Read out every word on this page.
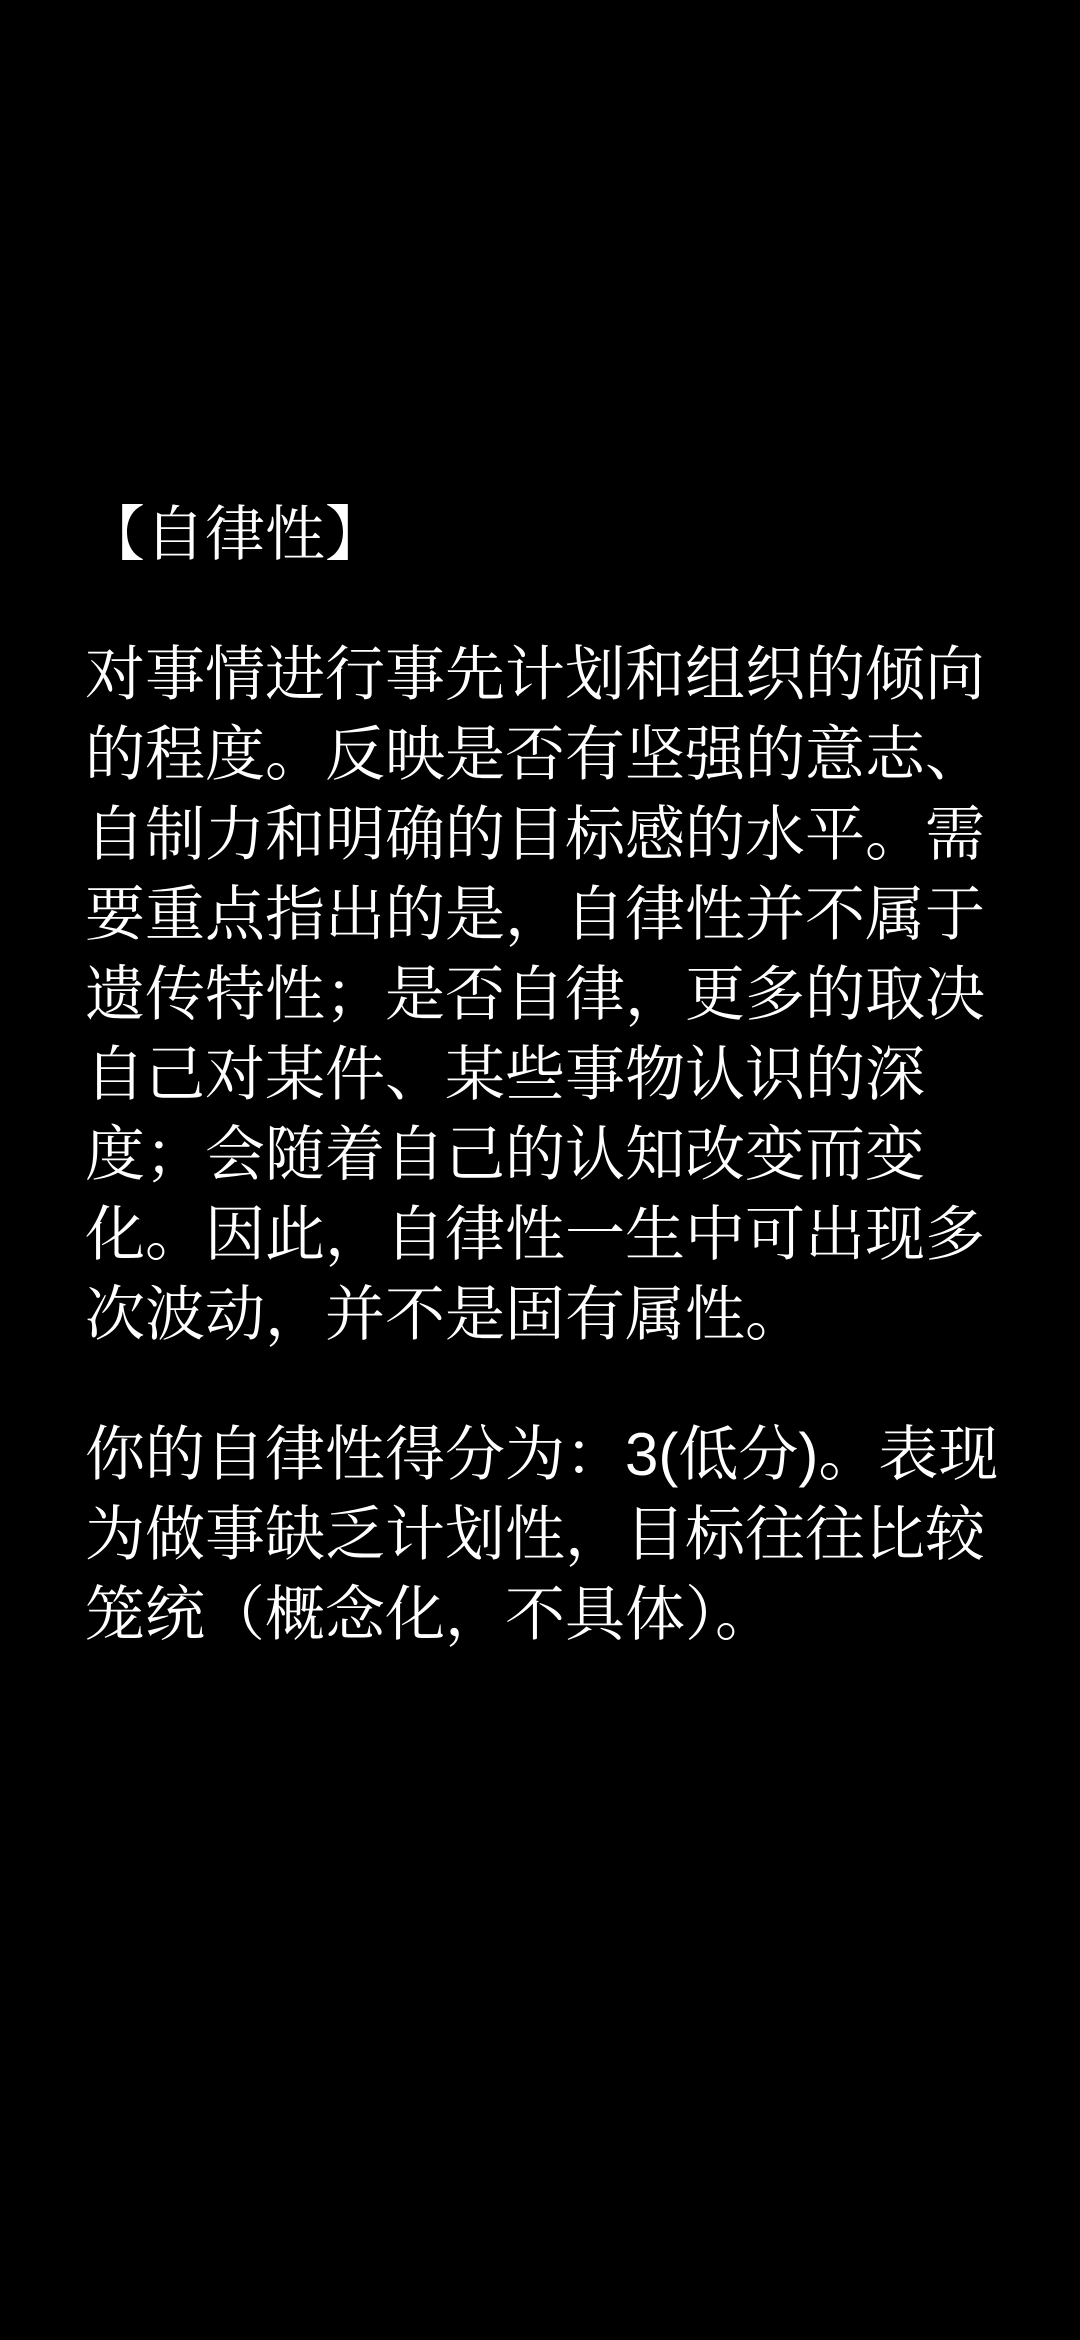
【自律性】

对事情进行事先计划和组织的倾向的程度。反映是否有坚强的意志、自制力和明确的目标感的水平。需要重点指出的是，自律性并不属于遗传特性；是否自律，更多的取决自己对某件、某些事物认识的深度；会随着自己的认知改变而变化。因此，自律性一生中可出现多次波动，并不是固有属性。

你的自律性得分为：3(低分)。表现为做事缺乏计划性，目标往往比较笼统（概念化，不具体）。
